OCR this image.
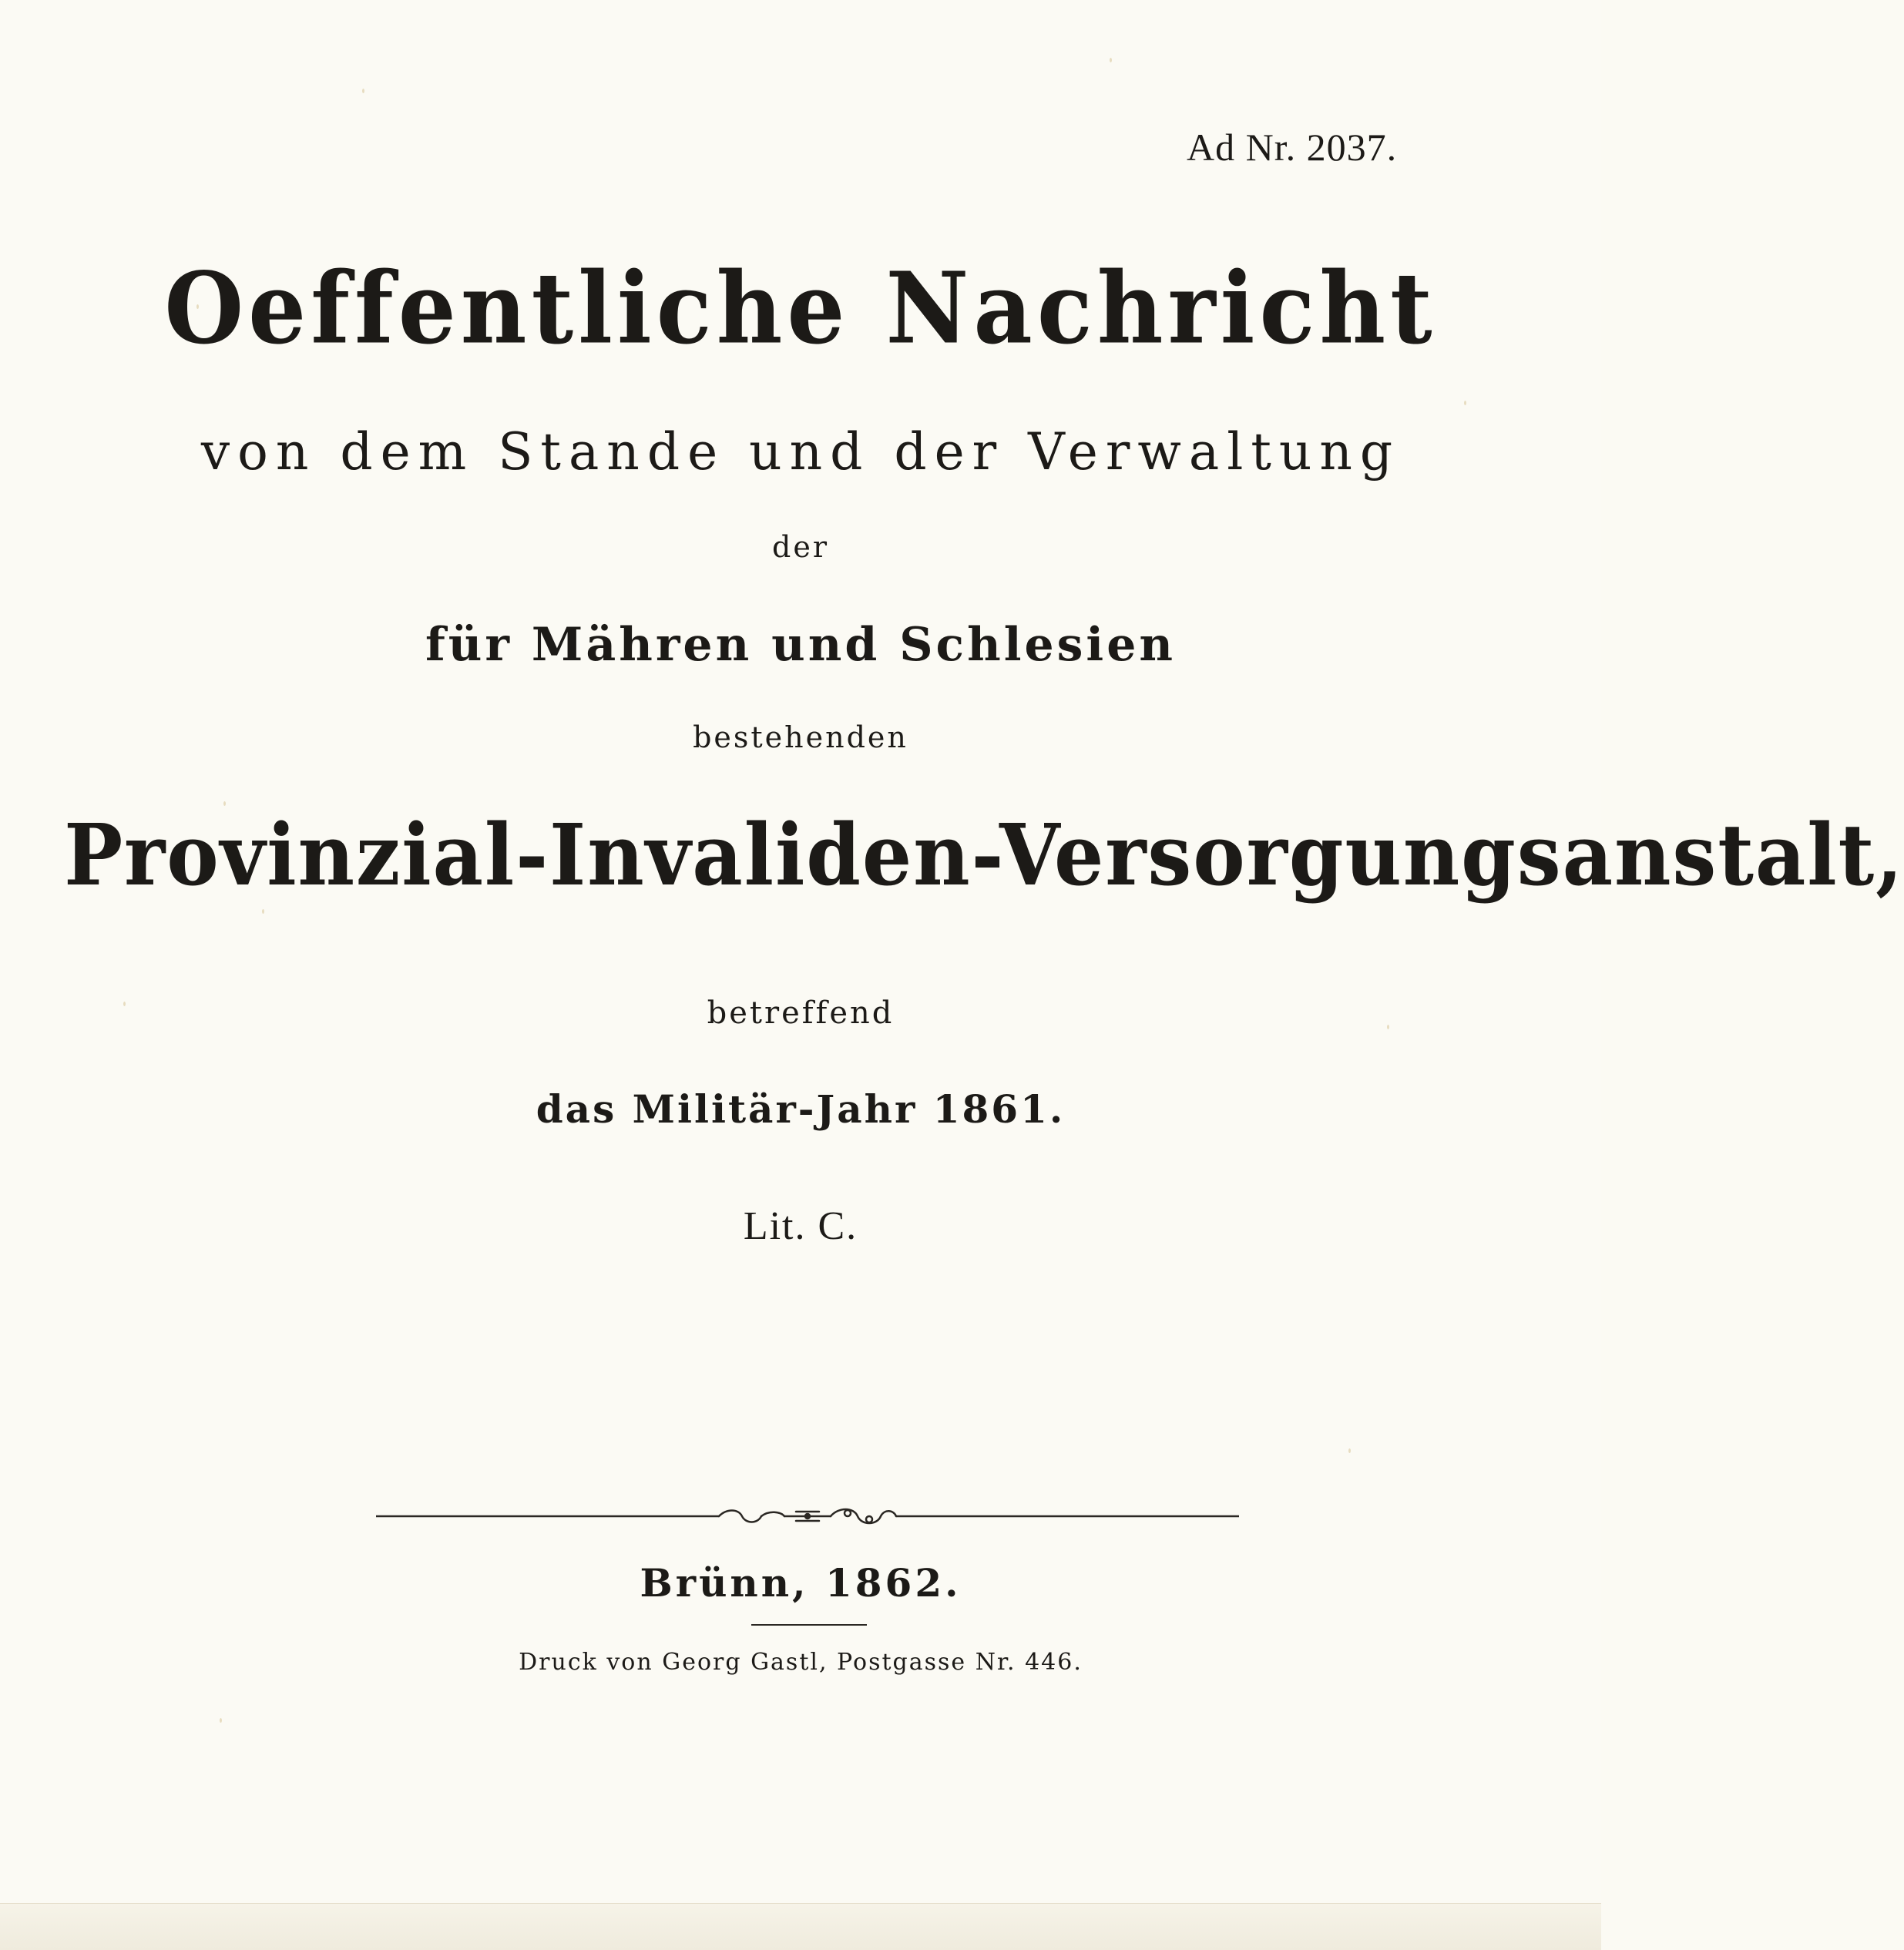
Ad Nr. 2037.

Oeffentliche Nachricht

von dem Stande und der Verwaltung

der

für Mähren und Schlesien

bestehenden

Provinzial-Invaliden-Versorgungsanstalt,

betreffend

das Militär-Jahr 1861.

Lit. C.

Brünn, 1862.

Druck von Georg Gastl, Postgasse Nr. 446.
